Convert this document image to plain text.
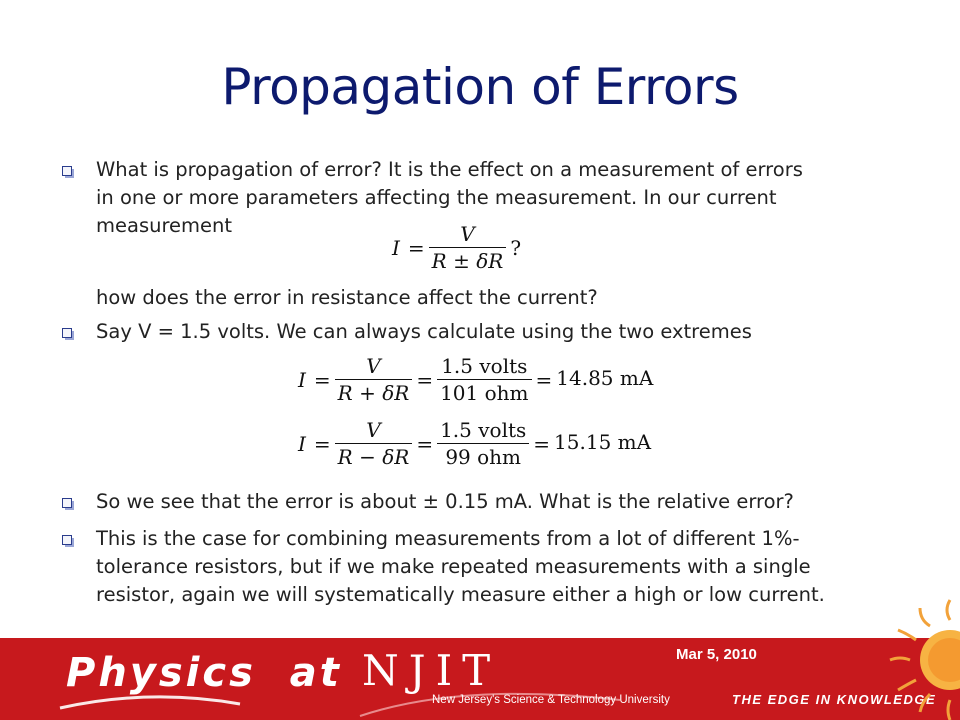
Propagation of Errors
What is propagation of error? It is the effect on a measurement of errors
in one or more parameters affecting the measurement. In our current
measurement
$I = \frac{V}{R \pm \delta R}$ ?
how does the error in resistance affect the current?
Say V = 1.5 volts. We can always calculate using the two extremes
$I = \frac{V}{R + \delta R} = \frac{\text{1.5 volts}}{\text{101 ohm}} = 14.85$ mA
$I = \frac{V}{R - \delta R} = \frac{\text{1.5 volts}}{\text{99 ohm}} = 15.15$ mA
So we see that the error is about ± 0.15 mA. What is the relative error?
This is the case for combining measurements from a lot of different 1%-
tolerance resistors, but if we make repeated measurements with a single
resistor, again we will systematically measure either a high or low current.
Physics at NJIT
New Jersey's Science & Technology University	THE EDGE IN KNOWLEDGE
Mar 5, 2010
